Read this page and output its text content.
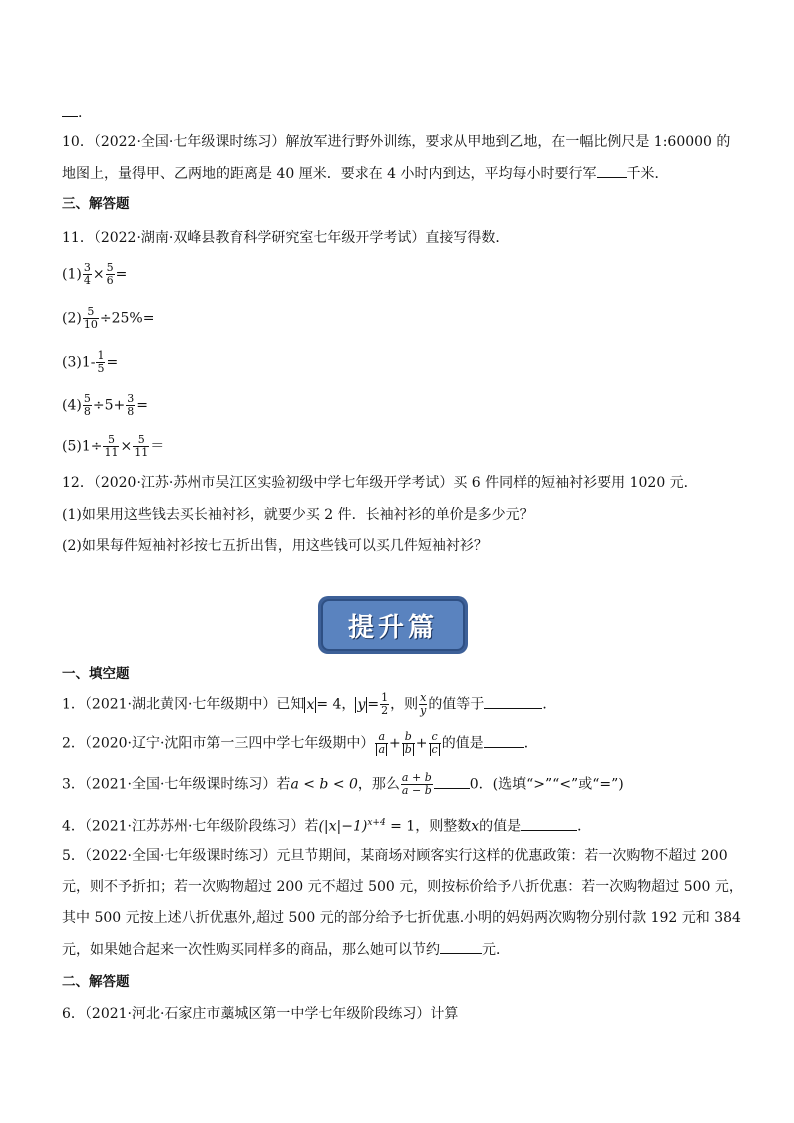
.
10．（2022·全国·七年级课时练习）解放军进行野外训练，要求从甲地到乙地，在一幅比例尺是 1:60000 的
地图上，量得甲、乙两地的距离是 40 厘米．要求在 4 小时内到达，平均每小时要行军 千米．
三、解答题
11．（2022·湖南·双峰县教育科学研究室七年级开学考试）直接写得数．
$(1) \frac{3}{4} \times \frac{5}{6}$ =
$(2) \frac{5}{10} \div 25\%=$
$(3)1- \frac{1}{5}$ =
$(4) \frac{5}{8} \div 5+ \frac{3}{8}$ =
$(5)1\div \frac{5}{11} \times \frac{5}{11}$ ＝
12．（2020·江苏·苏州市吴江区实验初级中学七年级开学考试）买 6 件同样的短袖衬衫要用 1020 元．
(1)如果用这些钱去买长袖衬衫，就要少买 2 件．长袖衬衫的单价是多少元？
(2)如果每件短袖衬衫按七五折出售，用这些钱可以买几件短袖衬衫？
提升篇
一、填空题
1．（2021·湖北黄冈·七年级期中）已知 x = 4， $y = \frac{1}{2}$ ，则 $\frac{x}{y}$ 的值等于	．
2．（2020·辽宁·沈阳市第一三四中学七年级期中） $\frac{a}{a} + \frac{b}{b} + \frac{c}{c}$ 的值是	．
3．（2021·全国·七年级课时练习）若a < b < 0，那么 $\frac{a + b}{a - b}$	0．(选填“>”“<”或“=”)
4．（2021·江苏苏州·七年级阶段练习）若$(|x|-1)^{x+4} = 1$，则整数x的值是	．
5．（2022·全国·七年级课时练习）元旦节期间，某商场对顾客实行这样的优惠政策：若一次购物不超过 200
元，则不予折扣；若一次购物超过 200 元不超过 500 元，则按标价给予八折优惠：若一次购物超过 500 元，
其中 500 元按上述八折优惠外,超过 500 元的部分给予七折优惠.小明的妈妈两次购物分别付款 192 元和 384
元，如果她合起来一次性购买同样多的商品，那么她可以节约	元．
二、解答题
6．（2021·河北·石家庄市藁城区第一中学七年级阶段练习）计算
